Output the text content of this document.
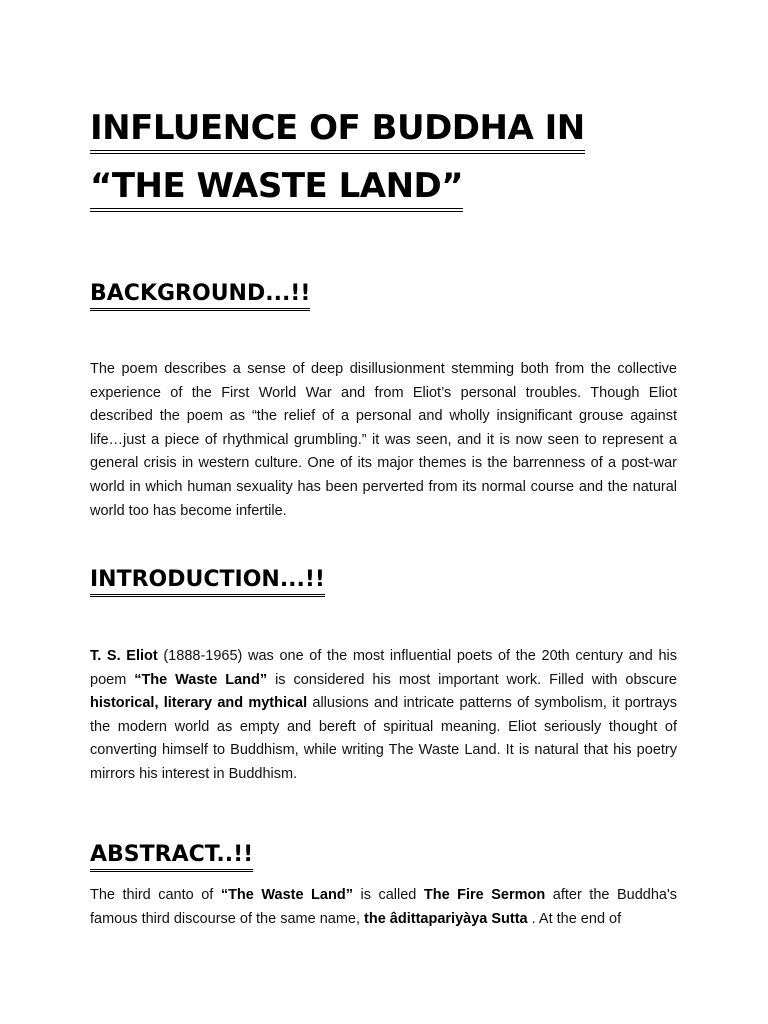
INFLUENCE OF BUDDHA IN
“THE WASTE LAND”
BACKGROUND...!!
The poem describes a sense of deep disillusionment stemming both from the collective experience of the First World War and from Eliot’s personal troubles. Though Eliot described the poem as “the relief of a personal and wholly insignificant grouse against life…just a piece of rhythmical grumbling.” it was seen, and it is now seen to represent a general crisis in western culture. One of its major themes is the barrenness of a post-war world in which human sexuality has been perverted from its normal course and the natural world too has become infertile.
INTRODUCTION...!!
T. S. Eliot (1888-1965) was one of the most influential poets of the 20th century and his poem “The Waste Land” is considered his most important work. Filled with obscure historical, literary and mythical allusions and intricate patterns of symbolism, it portrays the modern world as empty and bereft of spiritual meaning. Eliot seriously thought of converting himself to Buddhism, while writing The Waste Land. It is natural that his poetry mirrors his interest in Buddhism.
ABSTRACT..!!
The third canto of “The Waste Land” is called The Fire Sermon after the Buddha's famous third discourse of the same name, the âdittapariyàya Sutta . At the end of
